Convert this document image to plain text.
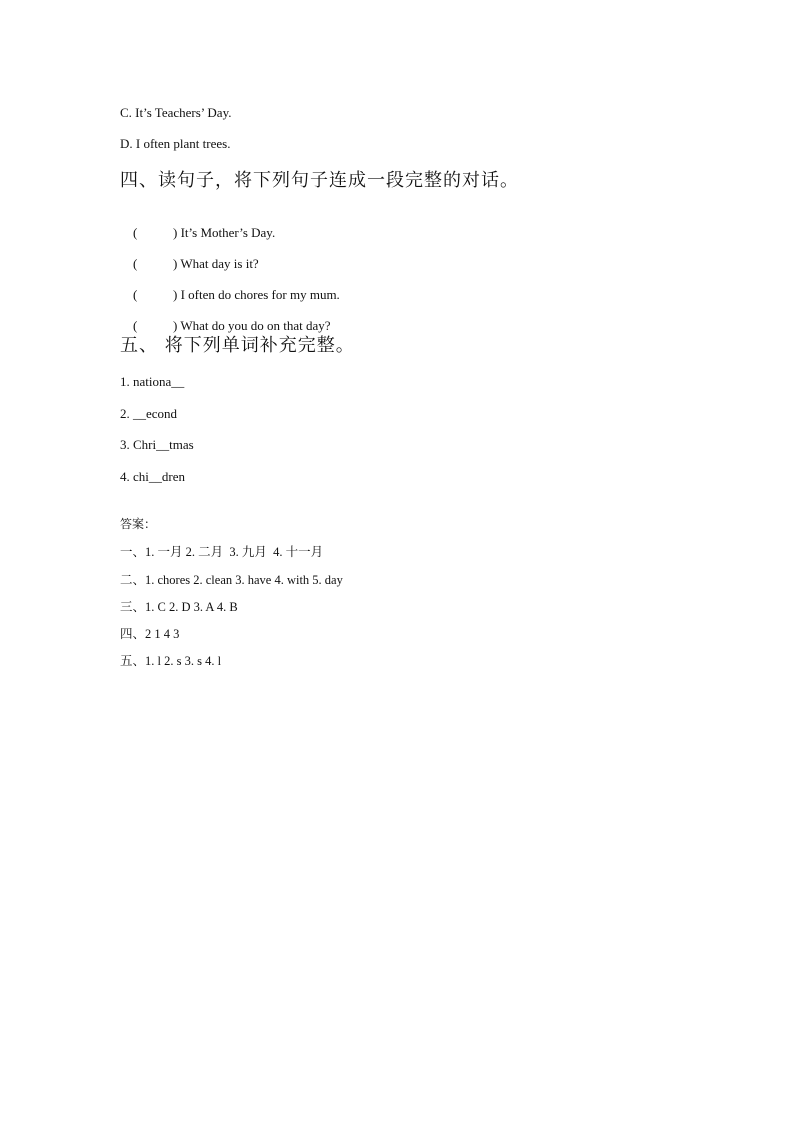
C. It’s Teachers’ Day.
D. I often plant trees.
四、读句子，将下列句子连成一段完整的对话。

(	) It’s Mother’s Day.

(	) What day is it?

(	) I often do chores for my mum.

(	) What do you do on that day?

五、 将下列单词补充完整。
1. nationa__
2. __econd
3. Chri__tmas
4. chi__dren
答案：
一、1. 一月 2. 二月  3. 九月  4. 十一月
二、1. chores 2. clean 3. have 4. with 5. day
三、1. C 2. D 3. A 4. B
四、2 1 4 3
五、1. l 2. s 3. s 4. l
